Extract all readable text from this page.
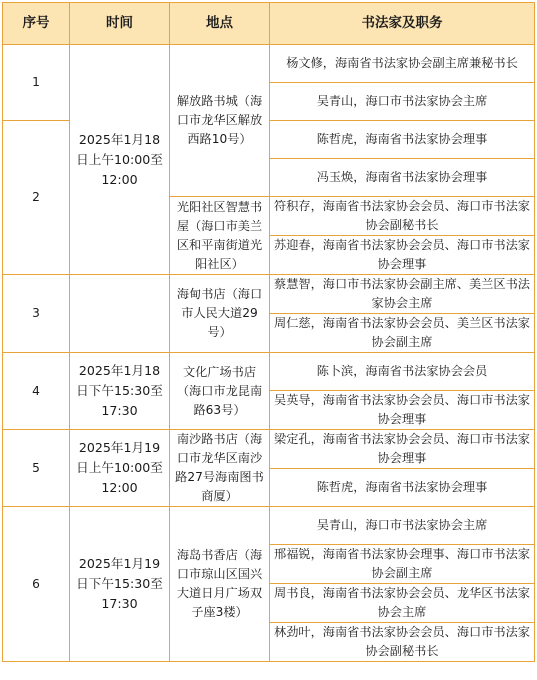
序号	时间	地点	书法家及职务
1	2025年1月18日上午10:00至12:00	解放路书城（海口市龙华区解放西路10号）	杨文修，海南省书法家协会副主席兼秘书长
			吴青山，海口市书法家协会主席
2			陈哲虎，海南省书法家协会理事
			冯玉焕，海南省书法家协会理事
		光阳社区智慧书屋（海口市美兰区和平南街道光阳社区）	符积存，海南省书法家协会会员、海口市书法家协会副秘书长
			苏迎春，海南省书法家协会会员、海口市书法家协会理事
3		海甸书店（海口市人民大道29号）	蔡慧智，海口市书法家协会副主席、美兰区书法家协会主席
			周仁慈，海南省书法家协会会员、美兰区书法家协会副主席
4	2025年1月18日下午15:30至17:30	文化广场书店（海口市龙昆南路63号）	陈卜滨，海南省书法家协会会员
			吴英导，海南省书法家协会会员、海口市书法家协会理事
5	2025年1月19日上午10:00至12:00	南沙路书店（海口市龙华区南沙路27号海南图书商厦）	梁定孔，海南省书法家协会会员、海口市书法家协会理事
			陈哲虎，海南省书法家协会理事
6	2025年1月19日下午15:30至17:30	海岛书香店（海口市琼山区国兴大道日月广场双子座3楼）	吴青山，海口市书法家协会主席
			邢福锐，海南省书法家协会理事、海口市书法家协会副主席
			周书良，海南省书法家协会会员、龙华区书法家协会主席
			林劲叶，海南省书法家协会会员、海口市书法家协会副秘书长
